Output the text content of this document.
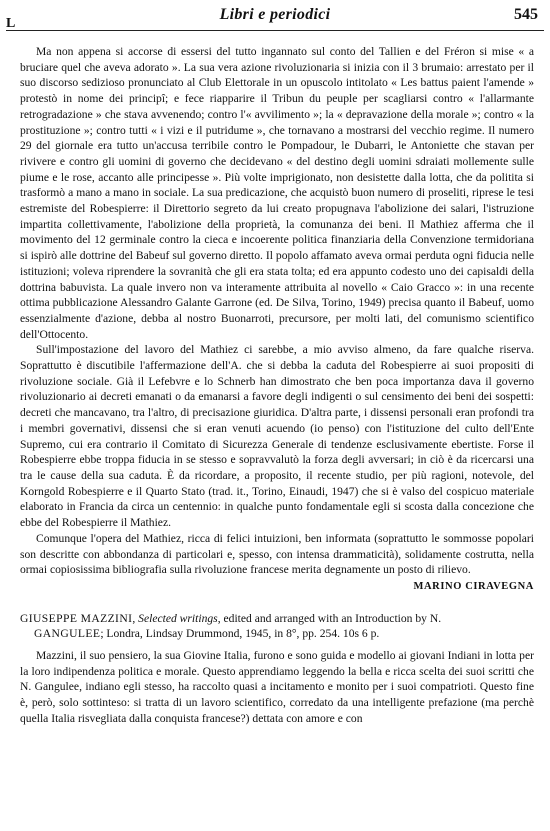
L
Libri e periodici	545

Ma non appena si accorse di essersi del tutto ingannato sul conto del Tallien e del Fréron si mise « a bruciare quel che aveva adorato ». La sua vera azione rivoluzionaria si inizia con il 3 brumaio: arrestato per il suo discorso sedizioso pronunciato al Club Elettorale in un opuscolo intitolato « Les battus paient l'amende » protestò in nome dei principî; e fece riapparire il Tribun du peuple per scagliarsi contro « l'allarmante retrogradazione » che stava avvenendo; contro l'« avvilimento »; la « depravazione della morale »; contro « la prostituzione »; contro tutti « i vizi e il putridume », che tornavano a mostrarsi del vecchio regime. Il numero 29 del giornale era tutto un'accusa terribile contro le Pompadour, le Dubarri, le Antoniette che stavan per rivivere e contro gli uomini di governo che decidevano « del destino degli uomini sdraiati mollemente sulle piume e le rose, accanto alle principesse ». Più volte imprigionato, non desistette dalla lotta, che da politita si trasformò a mano a mano in sociale. La sua predicazione, che acquistò buon numero di proseliti, riprese le tesi estremiste del Robespierre: il Direttorio segreto da lui creato propugnava l'abolizione dei salari, l'istruzione impartita collettivamente, l'abolizione della proprietà, la comunanza dei beni. Il Mathiez afferma che il movimento del 12 germinale contro la cieca e incoerente politica finanziaria della Convenzione termidoriana si ispirò alle dottrine del Babeuf sul governo diretto. Il popolo affamato aveva ormai perduta ogni fiducia nelle istituzioni; voleva riprendere la sovranità che gli era stata tolta; ed era appunto codesto uno dei capisaldi della dottrina babuvista. La quale invero non va interamente attribuita al novello « Caio Gracco »: in una recente ottima pubblicazione Alessandro Galante Garrone (ed. De Silva, Torino, 1949) precisa quanto il Babeuf, uomo essenzialmente d'azione, debba al nostro Buonarroti, precursore, per molti lati, del comunismo scientifico dell'Ottocento.

Sull'impostazione del lavoro del Mathiez ci sarebbe, a mio avviso almeno, da fare qualche riserva. Soprattutto è discutibile l'affermazione dell'A. che si debba la caduta del Robespierre ai suoi propositi di rivoluzione sociale. Già il Lefebvre e lo Schnerb han dimostrato che ben poca importanza dava il governo rivoluzionario ai decreti emanati o da emanarsi a favore degli indigenti o sul censimento dei beni dei sospetti: decreti che mancavano, tra l'altro, di precisazione giuridica. D'altra parte, i dissensi personali eran profondi tra i membri governativi, dissensi che si eran venuti acuendo (io penso) con l'istituzione del culto dell'Ente Supremo, cui era contrario il Comitato di Sicurezza Generale di tendenze esclusivamente ebertiste. Forse il Robespierre ebbe troppa fiducia in se stesso e sopravvalutò la forza degli avversari; in ciò è da ricercarsi una tra le cause della sua caduta. È da ricordare, a proposito, il recente studio, per più ragioni, notevole, del Korngold Robespierre e il Quarto Stato (trad. it., Torino, Einaudi, 1947) che si è valso del cospicuo materiale elaborato in Francia da circa un centennio: in qualche punto fondamentale egli si scosta dalla concezione che ebbe del Robespierre il Mathiez.

Comunque l'opera del Mathiez, ricca di felici intuizioni, ben informata (soprattutto le sommosse popolari son descritte con abbondanza di particolari e, spesso, con intensa drammaticità), solidamente costrutta, nella ormai copiosissima bibliografia sulla rivoluzione francese merita degnamente un posto di rilievo.

MARINO CIRAVEGNA

GIUSEPPE MAZZINI, Selected writings, edited and arranged with an Introduction by N.
GANGULEE; Londra, Lindsay Drummond, 1945, in 8°, pp. 254. 10s 6 p.

Mazzini, il suo pensiero, la sua Giovine Italia, furono e sono guida e modello ai giovani Indiani in lotta per la loro indipendenza politica e morale. Questo apprendiamo leggendo la bella e ricca scelta dei suoi scritti che N. Gangulee, indiano egli stesso, ha raccolto quasi a incitamento e monito per i suoi compatrioti. Questo fine è, però, solo sottinteso: si tratta di un lavoro scientifico, corredato da una intelligente prefazione (ma perchè quella Italia risvegliata dalla conquista francese?) dettata con amore e con
